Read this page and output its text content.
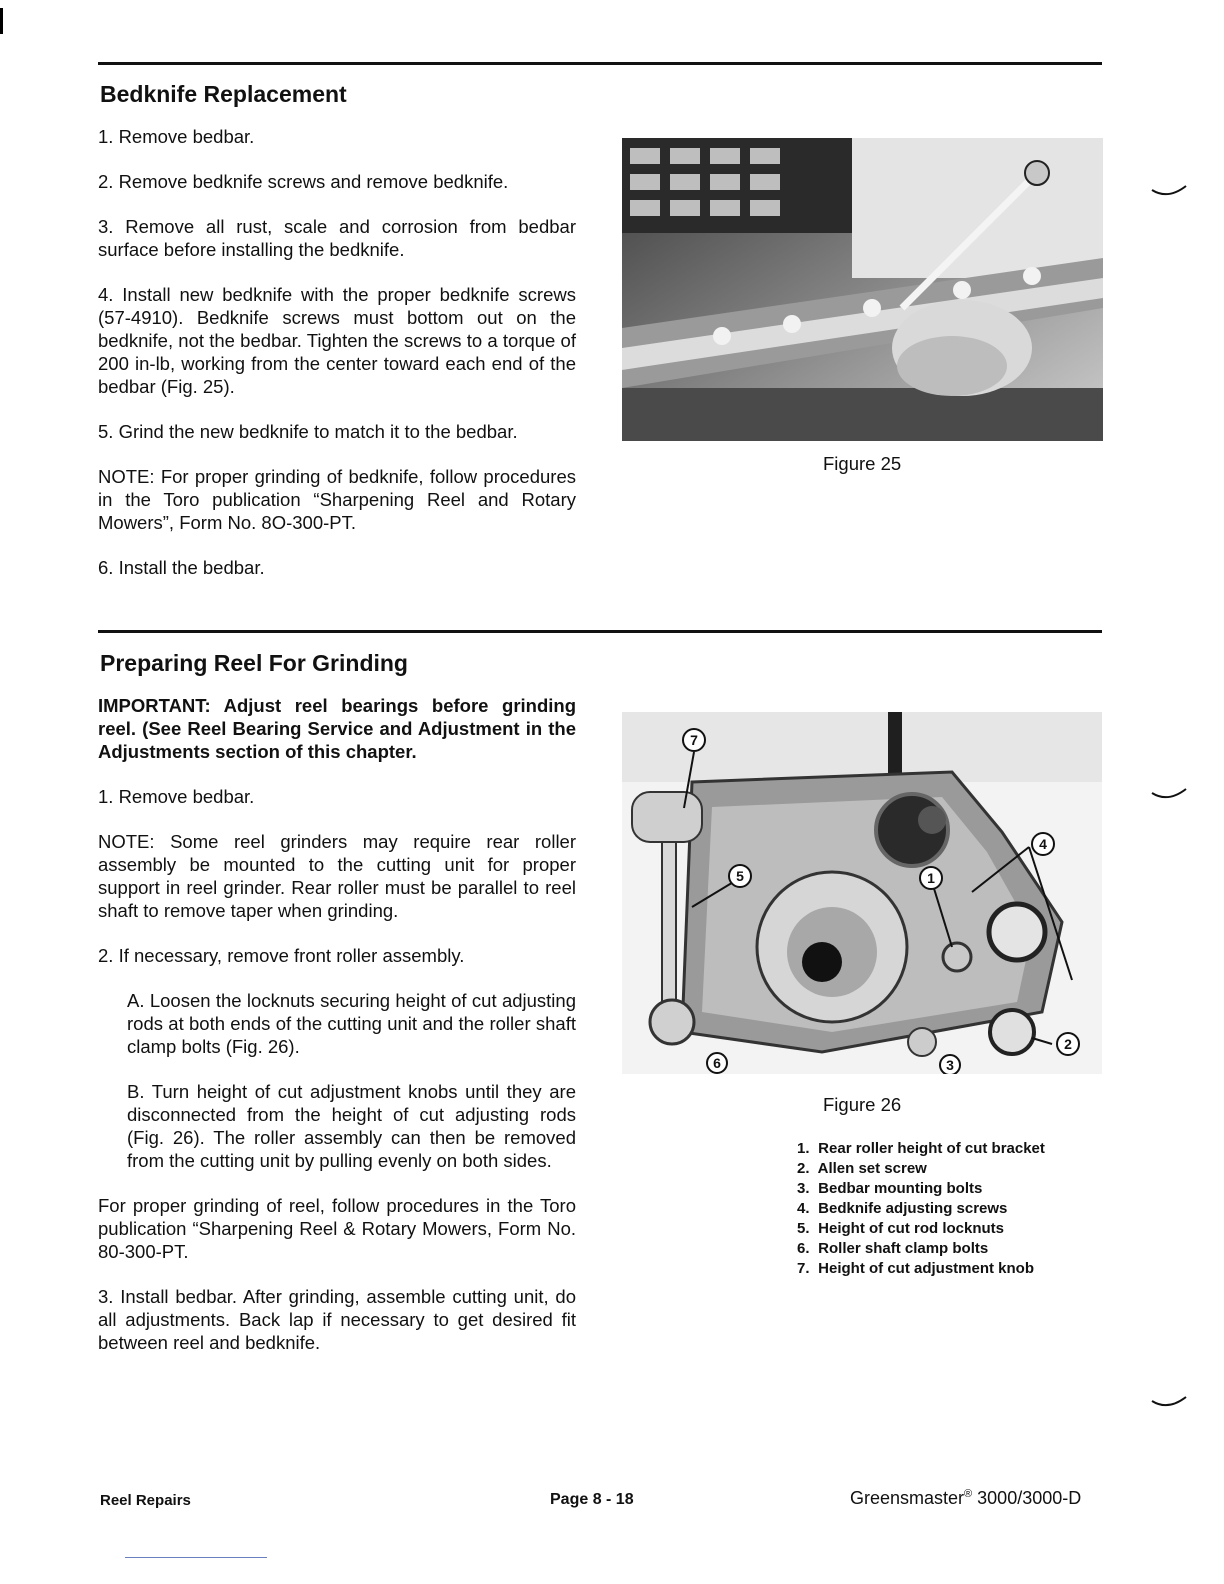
Bedknife Replacement

1. Remove bedbar.

2. Remove bedknife screws and remove bedknife.

3. Remove all rust, scale and corrosion from bedbar surface before installing the bedknife.

4. Install new bedknife with the proper bedknife screws (57-4910). Bedknife screws must bottom out on the bedknife, not the bedbar. Tighten the screws to a torque of 200 in-lb, working from the center toward each end of the bedbar (Fig. 25).

5. Grind the new bedknife to match it to the bedbar.

NOTE: For proper grinding of bedknife, follow procedures in the Toro publication “Sharpening Reel and Rotary Mowers”, Form No. 8O-300-PT.

6. Install the bedbar.

Figure 25
Preparing Reel For Grinding

IMPORTANT: Adjust reel bearings before grinding reel. (See Reel Bearing Service and Adjustment in the Adjustments section of this chapter.

1. Remove bedbar.

NOTE: Some reel grinders may require rear roller assembly be mounted to the cutting unit for proper support in reel grinder. Rear roller must be parallel to reel shaft to remove taper when grinding.

2. If necessary, remove front roller assembly.

A. Loosen the locknuts securing height of cut adjusting rods at both ends of the cutting unit and the roller shaft clamp bolts (Fig. 26).

B. Turn height of cut adjustment knobs until they are disconnected from the height of cut adjusting rods (Fig. 26). The roller assembly can then be removed from the cutting unit by pulling evenly on both sides.

For proper grinding of reel, follow procedures in the Toro publication “Sharpening Reel & Rotary Mowers, Form No. 80-300-PT.

3. Install bedbar. After grinding, assemble cutting unit, do all adjustments. Back lap if necessary to get desired fit between reel and bedknife.

7
4
5	1
2
6	3
Figure 26
1. Rear roller height of cut bracket
2. Allen set screw
3. Bedbar mounting bolts
4. Bedknife adjusting screws
5. Height of cut rod locknuts
6. Roller shaft clamp bolts
7. Height of cut adjustment knob
Reel Repairs	Page 8 - 18	Greensmaster® 3000/3000-D
